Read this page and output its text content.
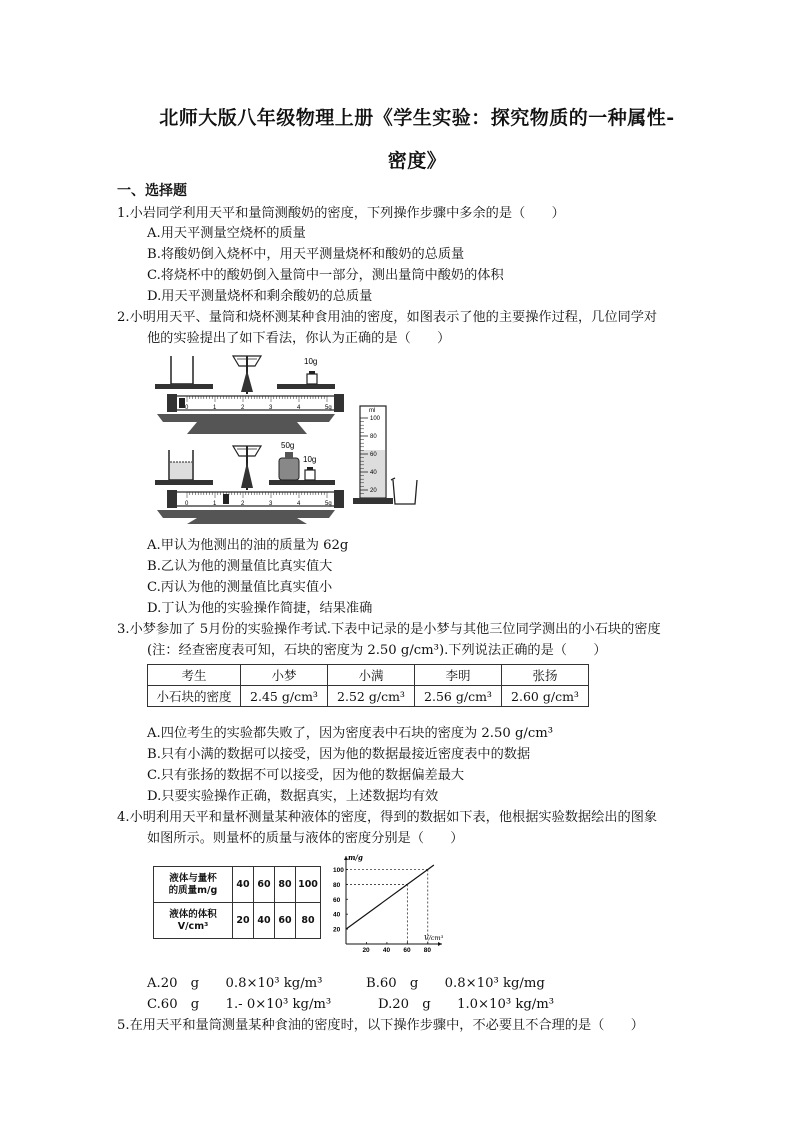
北师大版八年级物理上册《学生实验：探究物质的一种属性-
密度》
一、选择题
1.小岩同学利用天平和量筒测酸奶的密度，下列操作步骤中多余的是（　　）
A.用天平测量空烧杯的质量
B.将酸奶倒入烧杯中，用天平测量烧杯和酸奶的总质量
C.将烧杯中的酸奶倒入量筒中一部分，测出量筒中酸奶的体积
D.用天平测量烧杯和剩余酸奶的总质量
2.小明用天平、量筒和烧杯测某种食用油的密度，如图表示了他的主要操作过程，几位同学对
他的实验提出了如下看法，你认为正确的是（　　）
10g
0	1	2	3	4	5g
50g
10g
0	1	2	3	4	5g
ml
100
80
60
40
20
A.甲认为他测出的油的质量为 62g
B.乙认为他的测量值比真实值大
C.丙认为他的测量值比真实值小
D.丁认为他的实验操作简捷，结果准确
3.小梦参加了 5月份的实验操作考试.下表中记录的是小梦与其他三位同学测出的小石块的密度
(注：经查密度表可知，石块的密度为 2.50 g/cm³).下列说法正确的是（　　）
考生	小梦	小满	李明	张扬
小石块的密度	2.45 g/cm³	2.52 g/cm³	2.56 g/cm³	2.60 g/cm³
A.四位考生的实验都失败了，因为密度表中石块的密度为 2.50 g/cm³
B.只有小满的数据可以接受，因为他的数据最接近密度表中的数据
C.只有张扬的数据不可以接受，因为他的数据偏差最大
D.只要实验操作正确，数据真实，上述数据均有效
4.小明利用天平和量杯测量某种液体的密度，得到的数据如下表，他根据实验数据绘出的图象
如图所示。则量杯的质量与液体的密度分别是（　　）
液体与量杯
的质量m/g	40	60	80	100

液体的体积
V/cm³	20	40	60	80
m/g
V/cm³
20 40 60 80
20
40
60
80
100
A.20　g　　0.8×10³ kg/m³	B.60　g　　0.8×10³ kg/mg
C.60　g　　1.- 0×10³ kg/m³	D.20　g　　1.0×10³ kg/m³
5.在用天平和量筒测量某种食油的密度时，以下操作步骤中，不必要且不合理的是（　　）
